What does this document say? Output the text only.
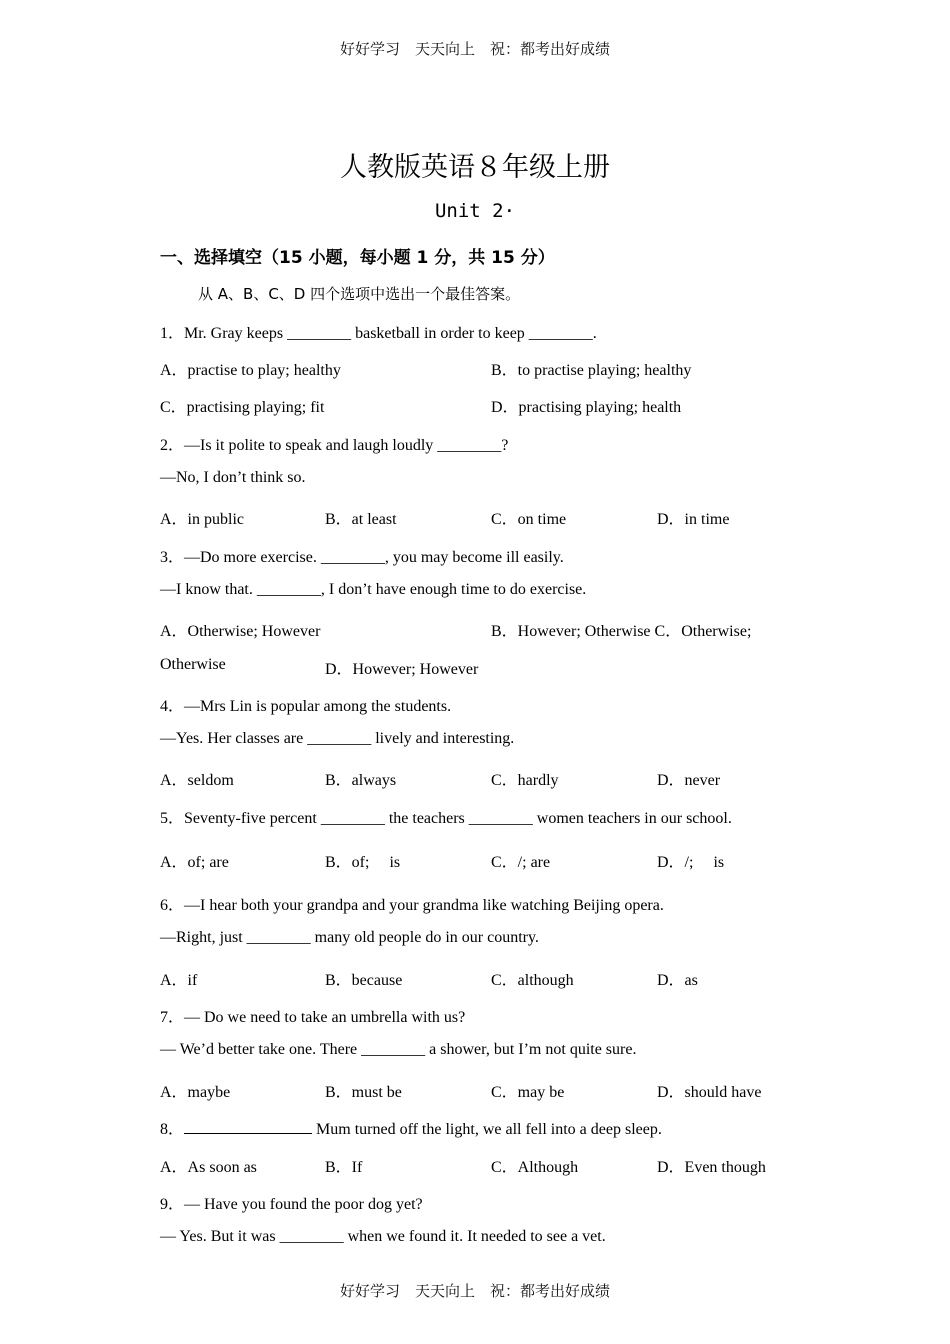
好好学习　天天向上　祝：都考出好成绩
人教版英语８年级上册
Unit 2·
一、选择填空（15 小题，每小题 1 分，共 15 分）
从 A、B、C、D 四个选项中选出一个最佳答案。
1．Mr. Gray keeps ________ basketball in order to keep ________.
A．practise to play; healthy	B．to practise playing; healthy
C．practising playing; fit	D．practising playing; health
2．—Is it polite to speak and laugh loudly ________?
—No, I don’t think so.
A．in public	B．at least	C．on time	D．in time
3．—Do more exercise. ________, you may become ill easily.
—I know that. ________, I don’t have enough time to do exercise.
A．Otherwise; However	B．However; Otherwise C．Otherwise;
Otherwise	D．However; However
4．—Mrs Lin is popular among the students.
—Yes. Her classes are ________ lively and interesting.
A．seldom	B．always	C．hardly	D．never
5．Seventy-five percent ________ the teachers ________ women teachers in our school.
A．of; are	B．of;　 is	C．/; are	D．/;　 is
6．—I hear both your grandpa and your grandma like watching Beijing opera.
—Right, just ________ many old people do in our country.
A．if	B．because	C．although	D．as
7．— Do we need to take an umbrella with us?
— We’d better take one. There ________ a shower, but I’m not quite sure.
A．maybe	B．must be	C．may be	D．should have
8．	Mum turned off the light, we all fell into a deep sleep.
A．As soon as	B．If	C．Although	D．Even though
9．— Have you found the poor dog yet?
— Yes. But it was ________ when we found it. It needed to see a vet.
好好学习　天天向上　祝：都考出好成绩
